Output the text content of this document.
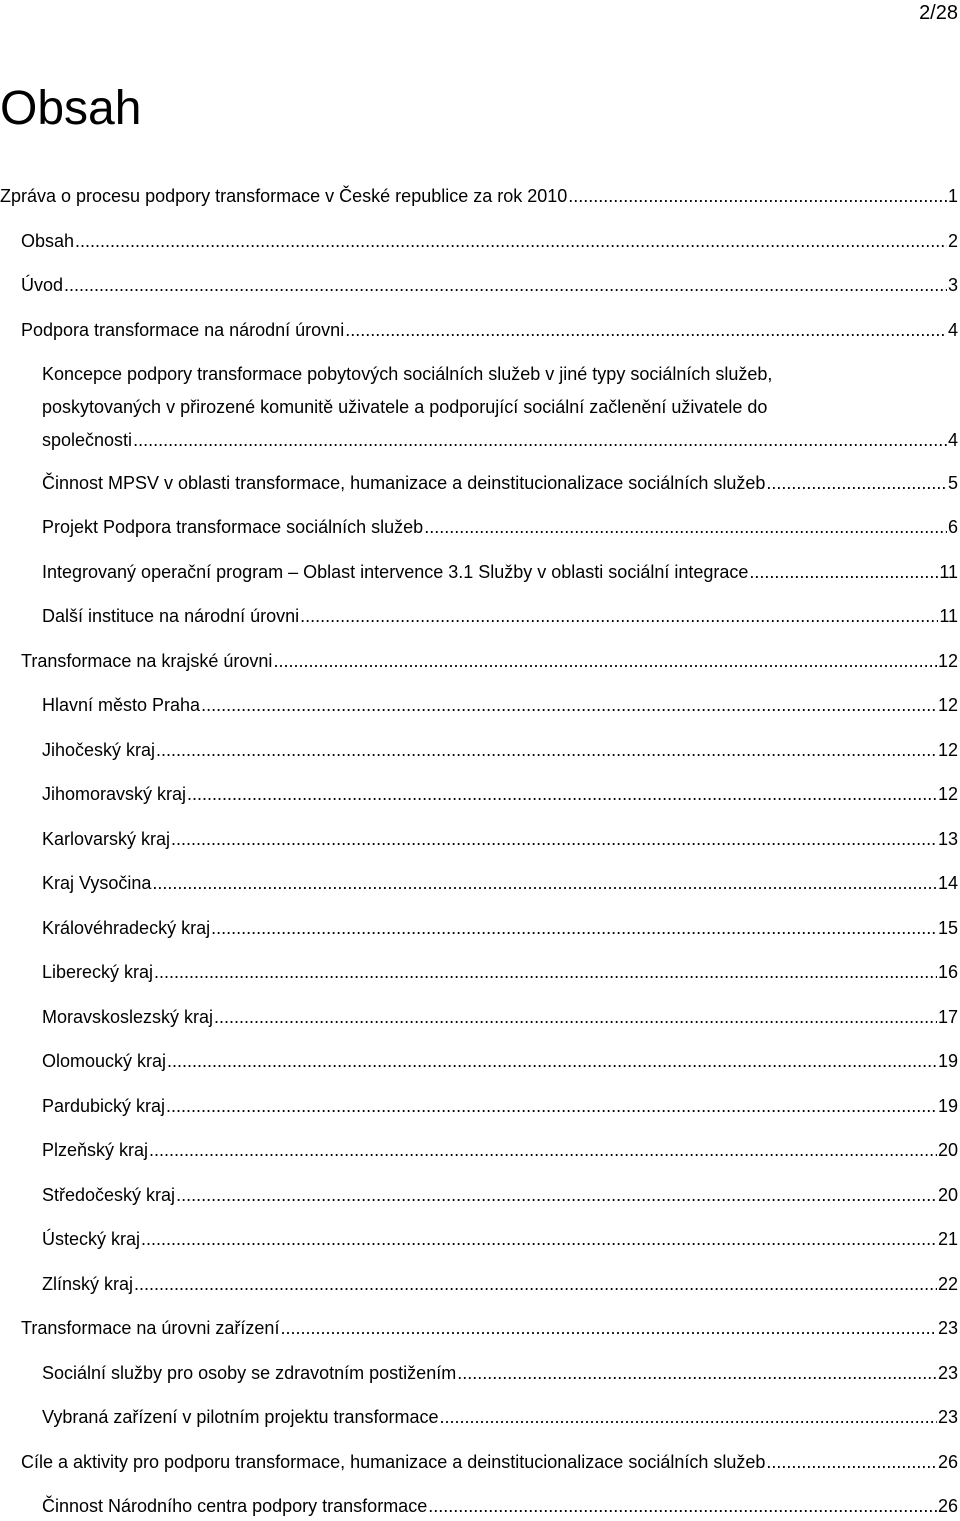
2/28
Obsah
Zpráva o procesu podpory transformace v České republice za rok 2010 .....	1
Obsah .....	2
Úvod .....	3
Podpora transformace na národní úrovni .....	4
Koncepce podpory transformace pobytových sociálních služeb v jiné typy sociálních služeb,
poskytovaných v přirozené komunitě uživatele a podporující sociální začlenění uživatele do
společnosti .....	4
Činnost MPSV v oblasti transformace, humanizace a deinstitucionalizace sociálních služeb .....	5
Projekt Podpora transformace sociálních služeb .....	6
Integrovaný operační program – Oblast intervence 3.1 Služby v oblasti sociální integrace .....	11
Další instituce na národní úrovni .....	11
Transformace na krajské úrovni .....	12
Hlavní město Praha .....	12
Jihočeský kraj .....	12
Jihomoravský kraj .....	12
Karlovarský kraj .....	13
Kraj Vysočina .....	14
Královéhradecký kraj .....	15
Liberecký kraj .....	16
Moravskoslezský kraj .....	17
Olomoucký kraj .....	19
Pardubický kraj .....	19
Plzeňský kraj .....	20
Středočeský kraj .....	20
Ústecký kraj .....	21
Zlínský kraj .....	22
Transformace na úrovni zařízení .....	23
Sociální služby pro osoby se zdravotním postižením .....	23
Vybraná zařízení v pilotním projektu transformace .....	23
Cíle a aktivity pro podporu transformace, humanizace a deinstitucionalizace sociálních služeb .....	26
Činnost Národního centra podpory transformace .....	26
